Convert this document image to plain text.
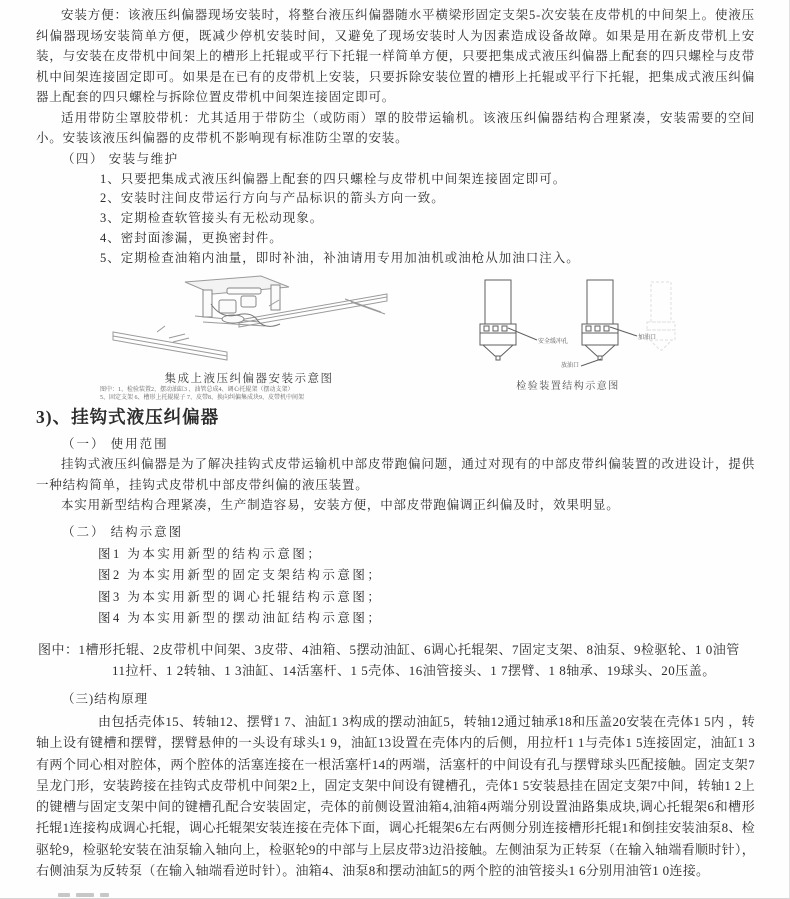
安装方便：该液压纠偏器现场安装时，将整台液压纠偏器随水平横梁形固定支架5-次安装在皮带机的中间架上。使液压纠偏器现场安装简单方便，既减少停机安装时间，又避免了现场安装时人为因素造成设备故障。如果是用在新皮带机上安装，与安装在皮带机中间架上的槽形上托辊或平行下托辊一样简单方便，只要把集成式液压纠偏器上配套的四只螺栓与皮带机中间架连接固定即可。如果是在已有的皮带机上安装，只要拆除安装位置的槽形上托辊或平行下托辊，把集成式液压纠偏器上配套的四只螺栓与拆除位置皮带机中间架连接固定即可。

适用带防尘罩胶带机：尤其适用于带防尘（或防雨）罩的胶带运输机。该液压纠偏器结构合理紧凑，安装需要的空间小。安装该液压纠偏器的皮带机不影响现有标准防尘罩的安装。

（四） 安装与维护
1、只要把集成式液压纠偏器上配套的四只螺栓与皮带机中间架连接固定即可。
2、安装时注间皮带运行方向与产品标识的箭头方向一致。
3、定期检查软管接头有无松动现象。
4、密封面渗漏，更换密封件。
5、定期检查油箱内油量，即时补油，补油请用专用加油机或油枪从加油口注入。
集成上液压纠偏器安装示意图
图中：1、检验装置2、摆动油缸3 、油管总成4、调心托辊架（摆动支架）
5、固定支架 6、槽形上托辊辊子 7、皮带8、换向纠偏集成块9、皮带机中间架
安全缓冲孔
加油口
放油口
检验装置结构示意图
3)、挂钩式液压纠偏器
（一） 使用范围

挂钩式液压纠偏器是为了解决挂钩式皮带运输机中部皮带跑偏问题，通过对现有的中部皮带纠偏装置的改进设计，提供一种结构简单，挂钩式皮带机中部皮带纠偏的液压装置。

本实用新型结构合理紧凑，生产制造容易，安装方便，中部皮带跑偏调正纠偏及时，效果明显。

（二） 结构示意图
图1 为本实用新型的结构示意图；
图2 为本实用新型的固定支架结构示意图；
图3 为本实用新型的调心托辊结构示意图；
图4 为本实用新型的摆动油缸结构示意图；
图中：1槽形托辊、2皮带机中间架、3皮带、4油箱、5摆动油缸、6调心托辊架、7固定支架、8油泵、9检驱轮、1 0油管
11拉杆、1 2转轴、1 3油缸、14活塞杆、1 5壳体、16油管接头、1 7摆臂、1 8轴承、19球头、20压盖。
（三)结构原理

由包括壳体15、转轴12、摆臂1 7、油缸1 3构成的摆动油缸5，转轴12通过轴承18和压盖20安装在壳体1 5内 ，转轴上设有键槽和摆臂，摆臂悬伸的一头设有球头1 9，油缸13设置在壳体内的后侧，用拉杆1 1与壳体1 5连接固定，油缸1 3有两个同心相对腔体，两个腔体的活塞连接在一根活塞杆14的两端，活塞杆的中间设有孔与摆臂球头匹配接触。固定支架7呈龙门形，安装跨接在挂钩式皮带机中间架2上，固定支架中间设有键槽孔，壳体1 5安装悬挂在固定支架7中间，转轴1 2上的键槽与固定支架中间的键槽孔配合安装固定，壳体的前侧设置油箱4,油箱4两端分别设置油路集成块,调心托辊架6和槽形托辊1连接构成调心托辊，调心托辊架安装连接在壳体下面，调心托辊架6左右两侧分别连接槽形托辊1和倒挂安装油泵8、检驱轮9，检驱轮安装在油泵输入轴向上，检驱轮9的中部与上层皮带3边沿接触。左侧油泵为正转泵（在输入轴端看顺时针），右侧油泵为反转泵（在输入轴端看逆时针）。油箱4、油泵8和摆动油缸5的两个腔的油管接头1 6分别用油管1 0连接。
